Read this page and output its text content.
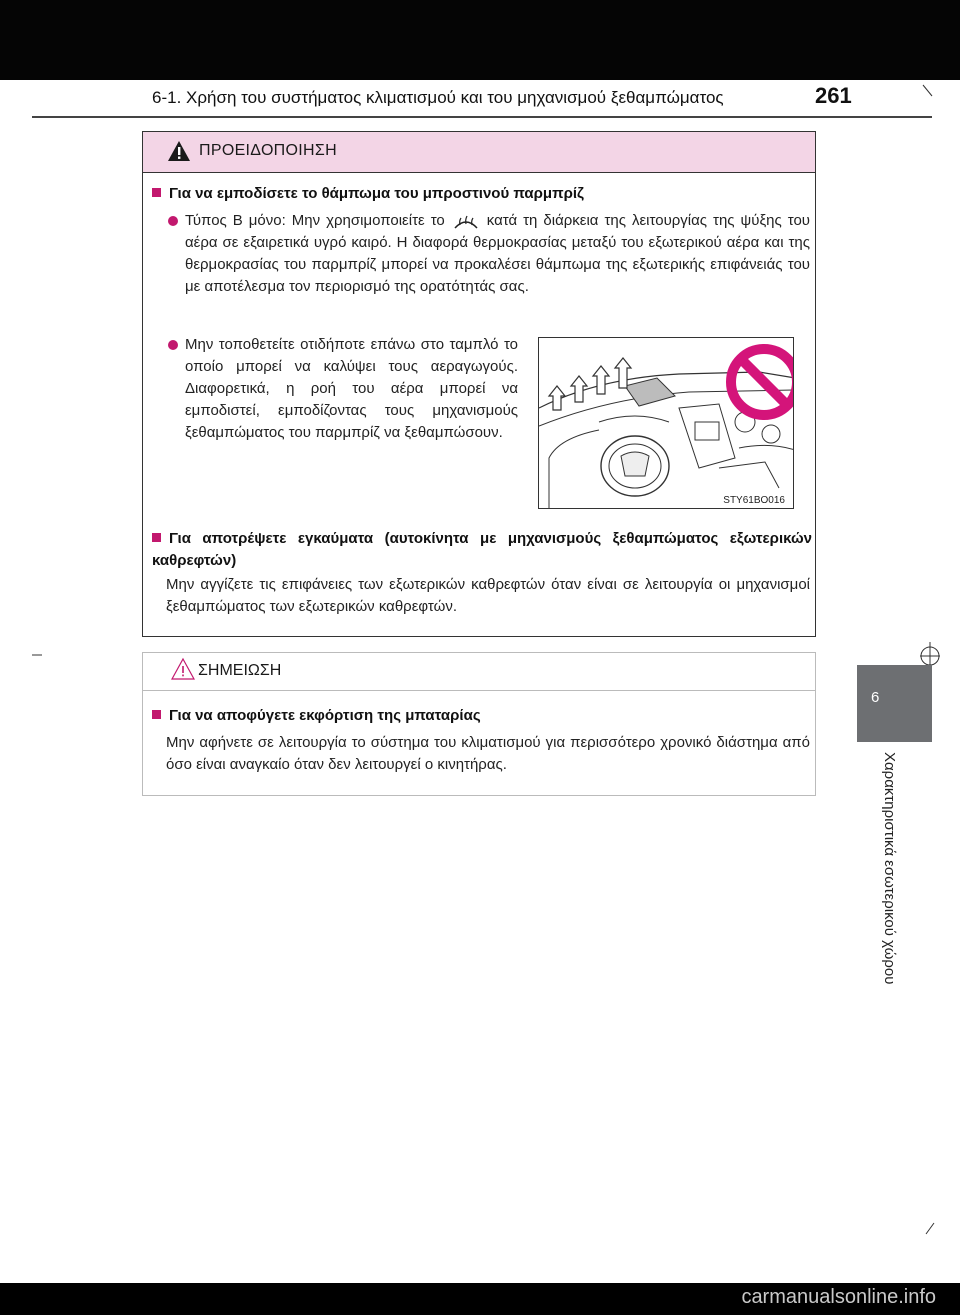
6-1. Χρήση του συστήματος κλιματισμού και του μηχανισμού ξεθαμπώματος	261
ΠΡΟΕΙΔΟΠΟΙΗΣΗ
Για να εμποδίσετε το θάμπωμα του μπροστινού παρμπρίζ
Τύπος B μόνο: Μην χρησιμοποιείτε το	κατά τη διάρκεια της λειτουργίας της ψύξης του αέρα σε εξαιρετικά υγρό καιρό. Η διαφορά θερμοκρασίας μεταξύ του εξωτερικού αέρα και της θερμοκρασίας του παρμπρίζ μπορεί να προκαλέσει θάμπωμα της εξωτερικής επιφάνειάς του με αποτέλεσμα τον περιορισμό της ορατότητάς σας.
Μην τοποθετείτε οτιδήποτε επάνω στο ταμπλό το οποίο μπορεί να καλύψει τους αεραγωγούς. Διαφορετικά, η ροή του αέρα μπορεί να εμποδιστεί, εμποδίζοντας τους μηχανισμούς ξεθαμπώματος του παρμπρίζ να ξεθαμπώσουν.
STY61BO016
Για αποτρέψετε εγκαύματα (αυτοκίνητα με μηχανισμούς ξεθαμπώματος εξωτερικών καθρεφτών)
Μην αγγίζετε τις επιφάνειες των εξωτερικών καθρεφτών όταν είναι σε λειτουργία οι μηχανισμοί ξεθαμπώματος των εξωτερικών καθρεφτών.
ΣΗΜΕΙΩΣΗ
Για να αποφύγετε εκφόρτιση της μπαταρίας
Μην αφήνετε σε λειτουργία το σύστημα του κλιματισμού για περισσότερο χρονικό διάστημα από όσο είναι αναγκαίο όταν δεν λειτουργεί ο κινητήρας.
6
Χαρακτηριστικά εσωτερικού χώρου
carmanualsonline.info
